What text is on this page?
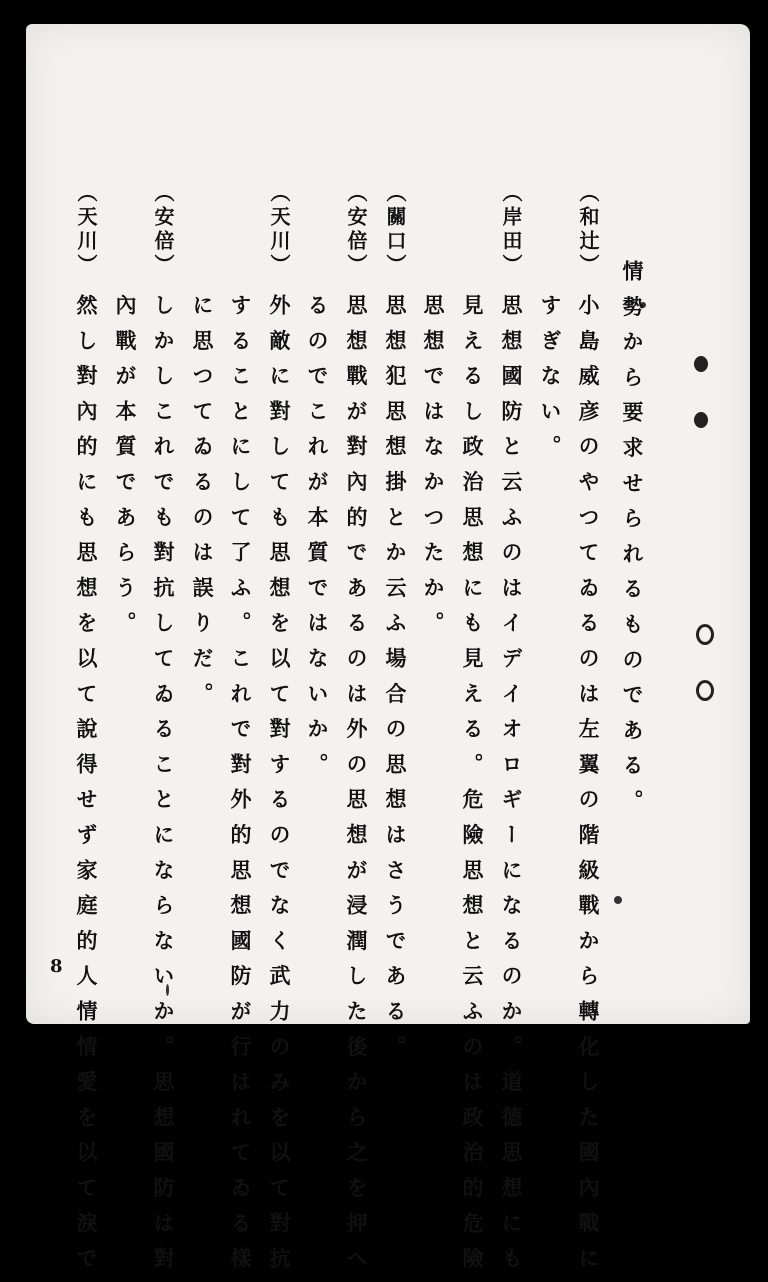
情勢から要求せられるものである。
（和辻）
小島威彦のやつてゐるのは左翼の階級戰から轉化した國內戰に
すぎない。
（岸田）
思想國防と云ふのはイデイオロギーになるのか。道德思想にも
見えるし政治思想にも見える。危險思想と云ふのは政治的危險
思想ではなかつたか。
（關口）
思想犯思想掛とか云ふ場合の思想はさうである。
（安倍）
思想戰が對內的であるのは外の思想が浸潤した後から之を押へ
るのでこれが本質ではないか。
（天川）
外敵に對しても思想を以て對するのでなく武力のみを以て對抗
することにして了ふ。これで對外的思想國防が行はれてゐる樣
に思つてゐるのは誤りだ。
（安倍）
しかしこれでも對抗してゐることにならないか。思想國防は對
內戰が本質であらう。
（天川）
然し對內的にも思想を以て說得せず家庭的人情情愛を以て淚で
8
